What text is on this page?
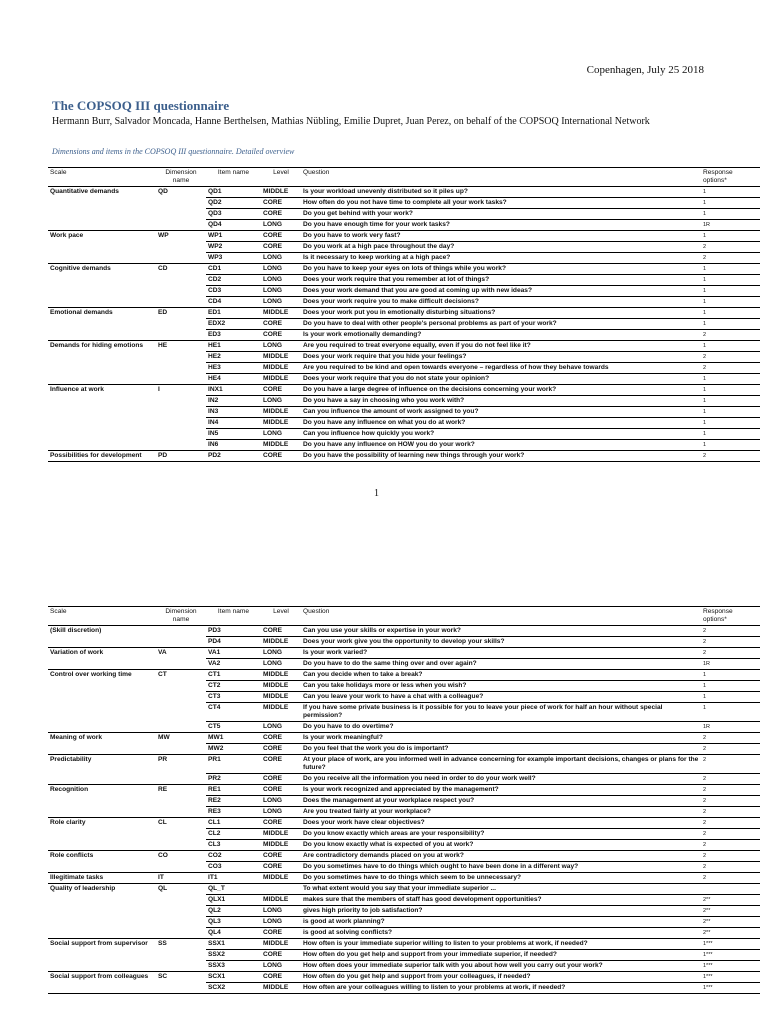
Copenhagen, July 25 2018
The COPSOQ III questionnaire
Hermann Burr, Salvador Moncada, Hanne Berthelsen, Mathias Nübling, Emilie Dupret, Juan Perez, on behalf of the COPSOQ International Network
Dimensions and items in the COPSOQ III questionnaire. Detailed overview
Scale	Dimension name	Item name	Level	Question	Response options*
Quantitative demands	QD	QD1	MIDDLE	Is your workload unevenly distributed so it piles up?	1
		QD2	CORE	How often do you not have time to complete all your work tasks?	1
		QD3	CORE	Do you get behind with your work?	1
		QD4	LONG	Do you have enough time for your work tasks?	1R
Work pace	WP	WP1	CORE	Do you have to work very fast?	1
		WP2	CORE	Do you work at a high pace throughout the day?	2
		WP3	LONG	Is it necessary to keep working at a high pace?	2
Cognitive demands	CD	CD1	LONG	Do you have to keep your eyes on lots of things while you work?	1
		CD2	LONG	Does your work require that you remember at lot of things?	1
		CD3	LONG	Does your work demand that you are good at coming up with new ideas?	1
		CD4	LONG	Does your work require you to make difficult decisions?	1
Emotional demands	ED	ED1	MIDDLE	Does your work put you in emotionally disturbing situations?	1
		EDX2	CORE	Do you have to deal with other people's personal problems as part of your work?	1
		ED3	CORE	Is your work emotionally demanding?	2
Demands for hiding emotions	HE	HE1	LONG	Are you required to treat everyone equally, even if you do not feel like it?	1
		HE2	MIDDLE	Does your work require that you hide your feelings?	2
		HE3	MIDDLE	Are you required to be kind and open towards everyone – regardless of how they behave towards	2
		HE4	MIDDLE	Does your work require that you do not state your opinion?	1
Influence at work	I	INX1	CORE	Do you have a large degree of influence on the decisions concerning your work?	1
		IN2	LONG	Do you have a say in choosing who you work with?	1
		IN3	MIDDLE	Can you influence the amount of work assigned to you?	1
		IN4	MIDDLE	Do you have any influence on what you do at work?	1
		IN5	LONG	Can you influence how quickly you work?	1
		IN6	MIDDLE	Do you have any influence on HOW you do your work?	1
Possibilities for development	PD	PD2	CORE	Do you have the possibility of learning new things through your work?	2
1
Scale	Dimension name	Item name	Level	Question	Response options*
(Skill discretion)		PD3	CORE	Can you use your skills or expertise in your work?	2
		PD4	MIDDLE	Does your work give you the opportunity to develop your skills?	2
Variation of work	VA	VA1	LONG	Is your work varied?	2
		VA2	LONG	Do you have to do the same thing over and over again?	1R
Control over working time	CT	CT1	MIDDLE	Can you decide when to take a break?	1
		CT2	MIDDLE	Can you take holidays more or less when you wish?	1
		CT3	MIDDLE	Can you leave your work to have a chat with a colleague?	1
		CT4	MIDDLE	If you have some private business is it possible for you to leave your piece of work for half an hour without special permission?	1
		CT5	LONG	Do you have to do overtime?	1R
Meaning of work	MW	MW1	CORE	Is your work meaningful?	2
		MW2	CORE	Do you feel that the work you do is important?	2
Predictability	PR	PR1	CORE	At your place of work, are you informed well in advance concerning for example important decisions, changes or plans for the future?	2
		PR2	CORE	Do you receive all the information you need in order to do your work well?	2
Recognition	RE	RE1	CORE	Is your work recognized and appreciated by the management?	2
		RE2	LONG	Does the management at your workplace respect you?	2
		RE3	LONG	Are you treated fairly at your workplace?	2
Role clarity	CL	CL1	CORE	Does your work have clear objectives?	2
		CL2	MIDDLE	Do you know exactly which areas are your responsibility?	2
		CL3	MIDDLE	Do you know exactly what is expected of you at work?	2
Role conflicts	CO	CO2	CORE	Are contradictory demands placed on you at work?	2
		CO3	CORE	Do you sometimes have to do things which ought to have been done in a different way?	2
Illegitimate tasks	IT	IT1	MIDDLE	Do you sometimes have to do things which seem to be unnecessary?	2
Quality of leadership	QL	QL_T		To what extent would you say that your immediate superior ...	
		QLX1	MIDDLE	makes sure that the members of staff has good development opportunities?	2**
		QL2	LONG	gives high priority to job satisfaction?	2**
		QL3	LONG	is good at work planning?	2**
		QL4	CORE	is good at solving conflicts?	2**
Social support from supervisor	SS	SSX1	MIDDLE	How often is your immediate superior willing to listen to your problems at work, if needed?	1***
		SSX2	CORE	How often do you get help and support from your immediate superior, if needed?	1***
		SSX3	LONG	How often does your immediate superior talk with you about how well you carry out your work?	1***
Social support from colleagues	SC	SCX1	CORE	How often do you get help and support from your colleagues, if needed?	1***
		SCX2	MIDDLE	How often are your colleagues willing to listen to your problems at work, if needed?	1***
